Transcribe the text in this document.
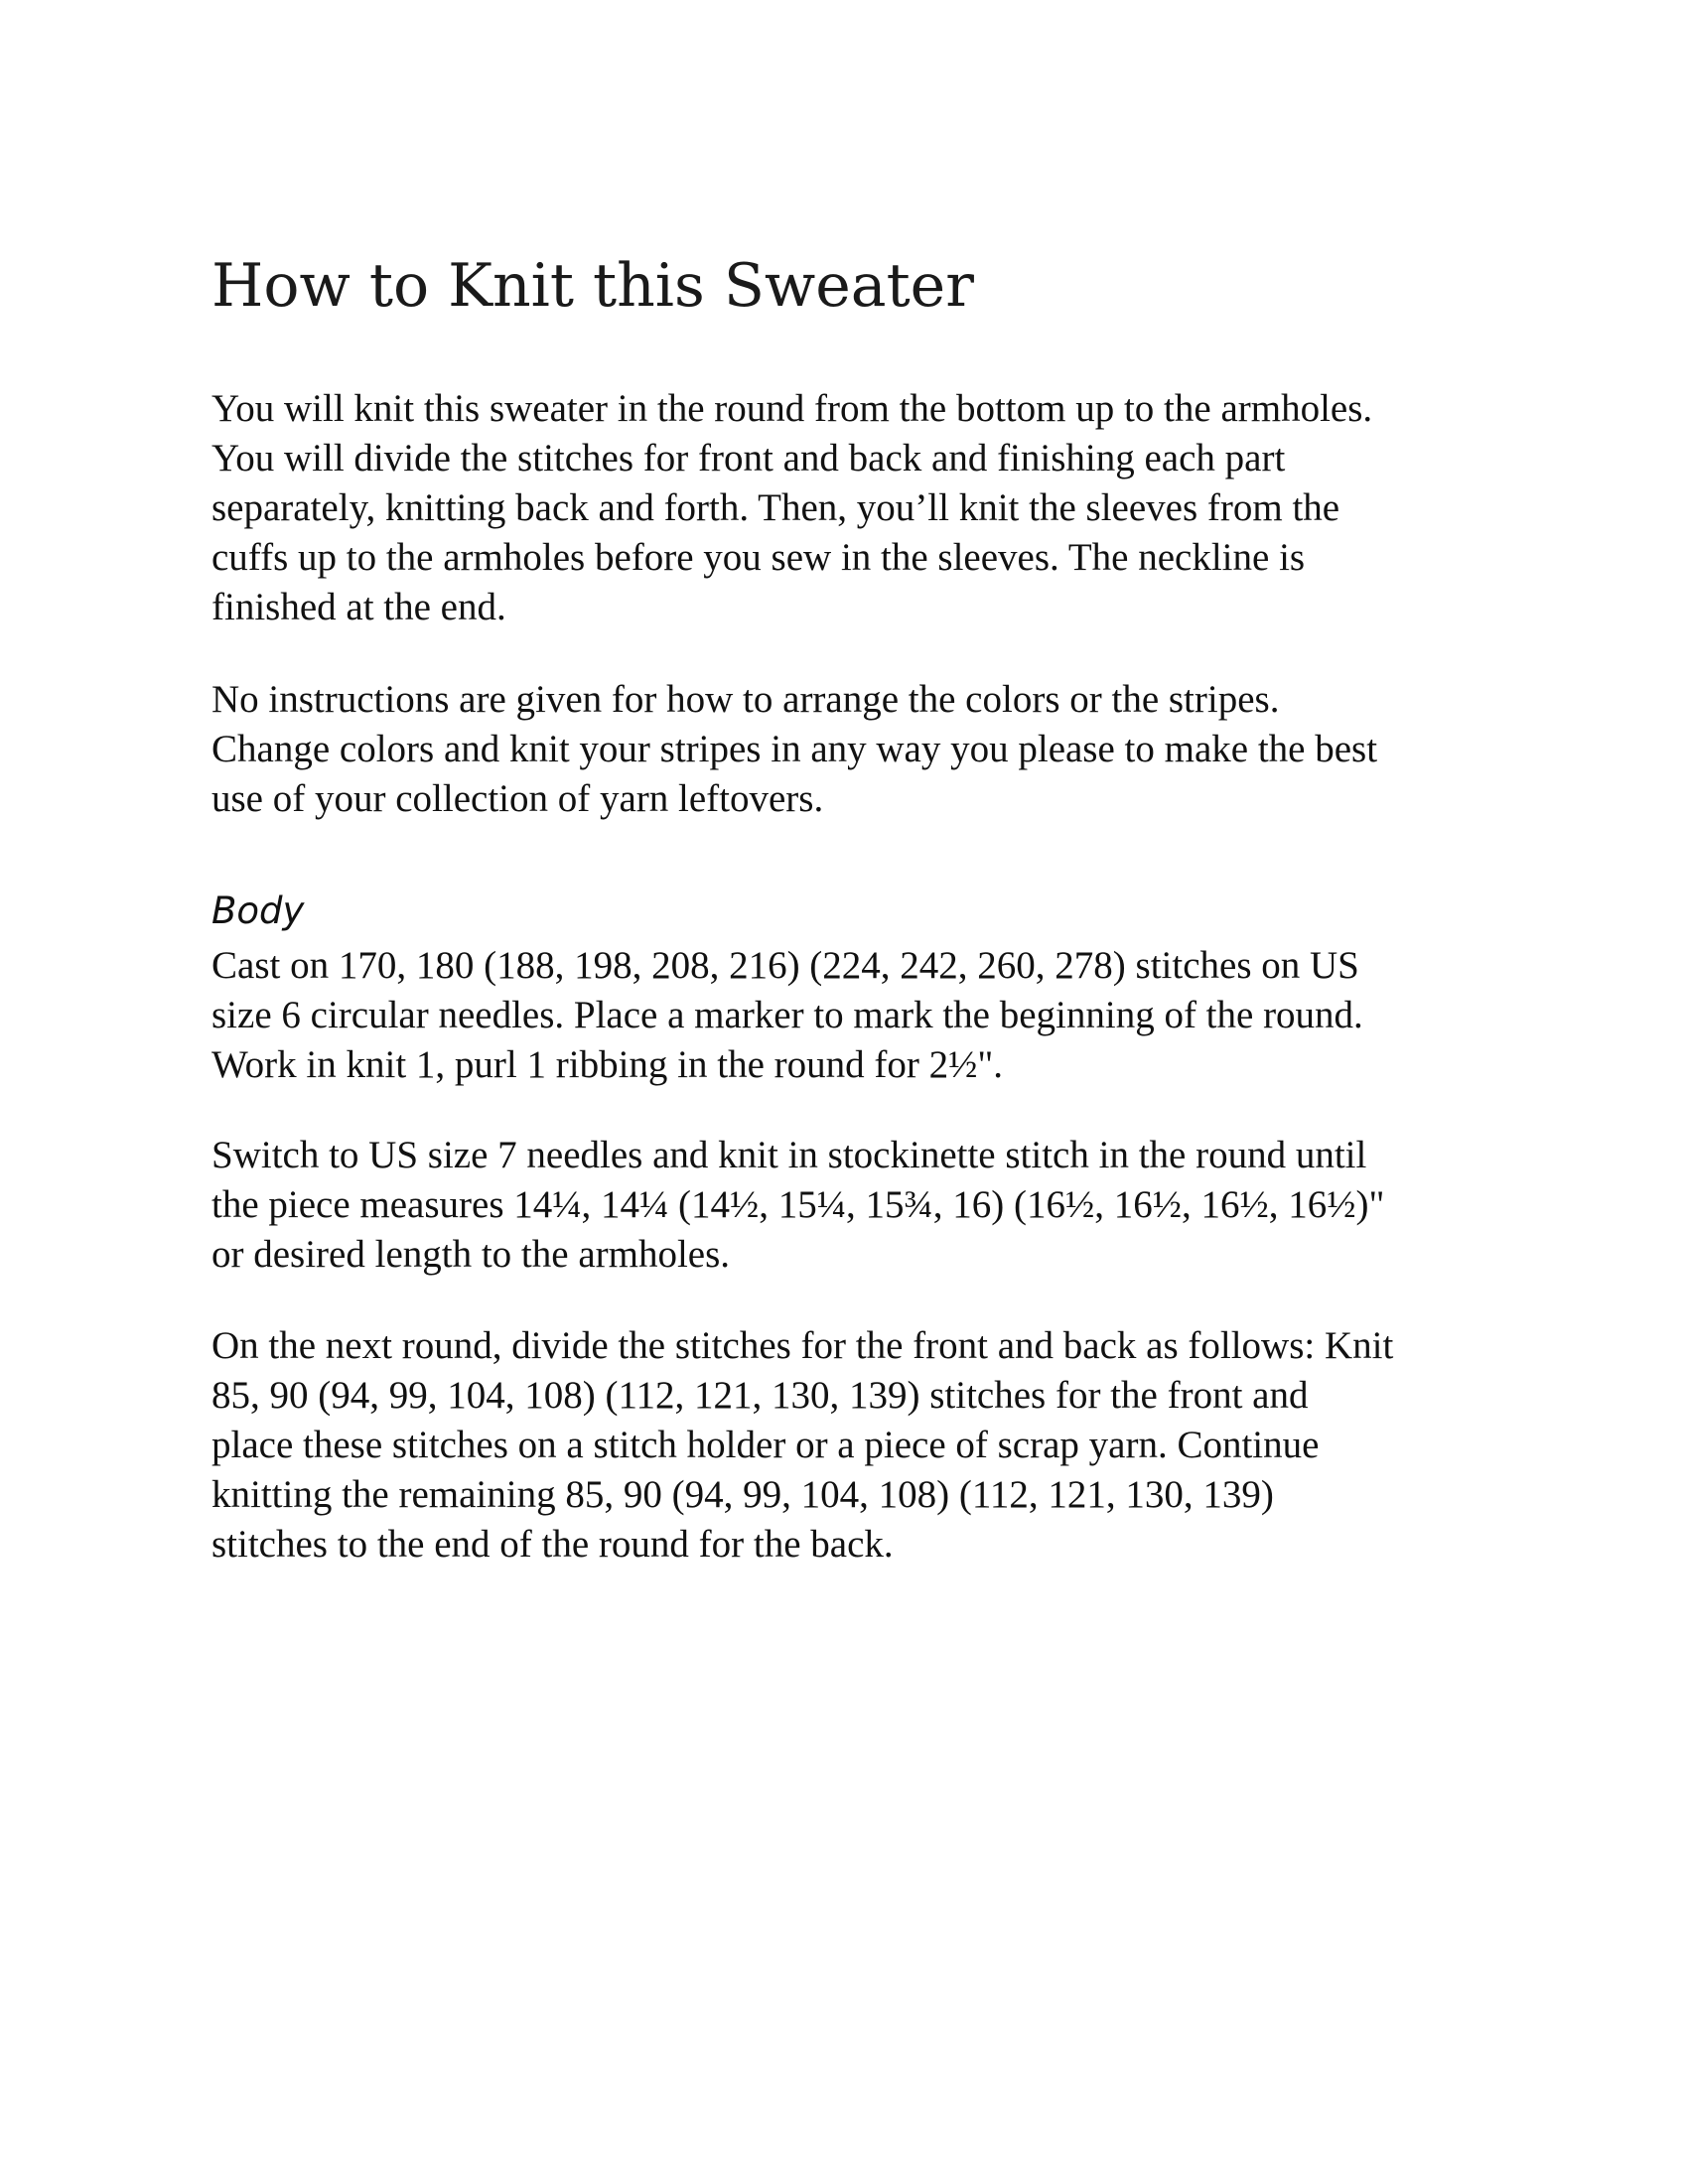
How to Knit this Sweater

You will knit this sweater in the round from the bottom up to the armholes.
You will divide the stitches for front and back and finishing each part
separately, knitting back and forth. Then, you’ll knit the sleeves from the
cuffs up to the armholes before you sew in the sleeves. The neckline is
finished at the end.

No instructions are given for how to arrange the colors or the stripes.
Change colors and knit your stripes in any way you please to make the best
use of your collection of yarn leftovers.

Body

Cast on 170, 180 (188, 198, 208, 216) (224, 242, 260, 278) stitches on US
size 6 circular needles. Place a marker to mark the beginning of the round.
Work in knit 1, purl 1 ribbing in the round for 2½".

Switch to US size 7 needles and knit in stockinette stitch in the round until
the piece measures 14¼, 14¼ (14½, 15¼, 15¾, 16) (16½, 16½, 16½, 16½)"
or desired length to the armholes.

On the next round, divide the stitches for the front and back as follows: Knit
85, 90 (94, 99, 104, 108) (112, 121, 130, 139) stitches for the front and
place these stitches on a stitch holder or a piece of scrap yarn. Continue
knitting the remaining 85, 90 (94, 99, 104, 108) (112, 121, 130, 139)
stitches to the end of the round for the back.
